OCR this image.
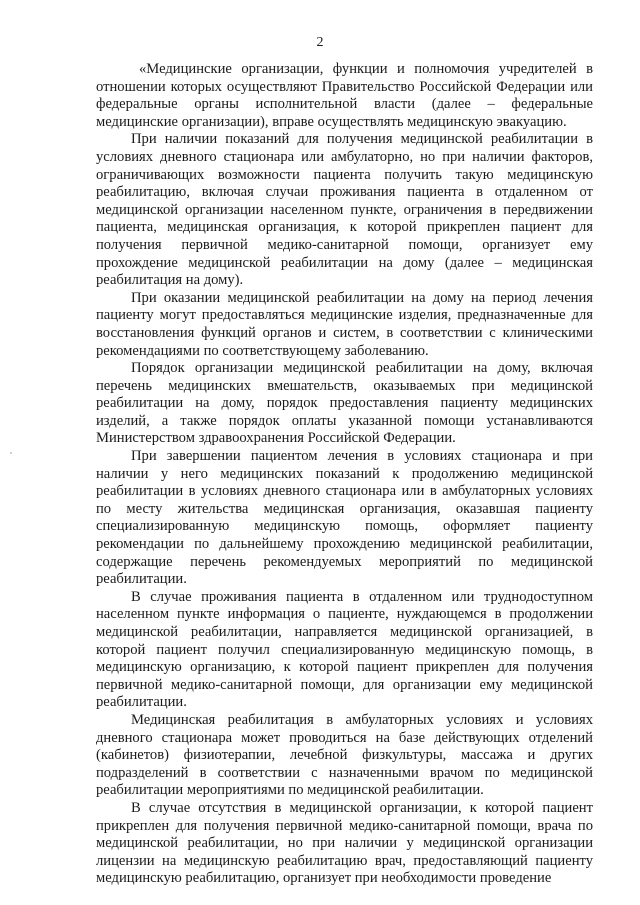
2

«Медицинские организации, функции и полномочия учредителей в отношении которых осуществляют Правительство Российской Федерации или федеральные органы исполнительной власти (далее – федеральные медицинские организации), вправе осуществлять медицинскую эвакуацию.

При наличии показаний для получения медицинской реабилитации в условиях дневного стационара или амбулаторно, но при наличии факторов, ограничивающих возможности пациента получить такую медицинскую реабилитацию, включая случаи проживания пациента в отдаленном от медицинской организации населенном пункте, ограничения в передвижении пациента, медицинская организация, к которой прикреплен пациент для получения первичной медико-санитарной помощи, организует ему прохождение медицинской реабилитации на дому (далее – медицинская реабилитация на дому).

При оказании медицинской реабилитации на дому на период лечения пациенту могут предоставляться медицинские изделия, предназначенные для восстановления функций органов и систем, в соответствии с клиническими рекомендациями по соответствующему заболеванию.

Порядок организации медицинской реабилитации на дому, включая перечень медицинских вмешательств, оказываемых при медицинской реабилитации на дому, порядок предоставления пациенту медицинских изделий, а также порядок оплаты указанной помощи устанавливаются Министерством здравоохранения Российской Федерации.

При завершении пациентом лечения в условиях стационара и при наличии у него медицинских показаний к продолжению медицинской реабилитации в условиях дневного стационара или в амбулаторных условиях по месту жительства медицинская организация, оказавшая пациенту специализированную медицинскую помощь, оформляет пациенту рекомендации по дальнейшему прохождению медицинской реабилитации, содержащие перечень рекомендуемых мероприятий по медицинской реабилитации.

В случае проживания пациента в отдаленном или труднодоступном населенном пункте информация о пациенте, нуждающемся в продолжении медицинской реабилитации, направляется медицинской организацией, в которой пациент получил специализированную медицинскую помощь, в медицинскую организацию, к которой пациент прикреплен для получения первичной медико-санитарной помощи, для организации ему медицинской реабилитации.

Медицинская реабилитация в амбулаторных условиях и условиях дневного стационара может проводиться на базе действующих отделений (кабинетов) физиотерапии, лечебной физкультуры, массажа и других подразделений в соответствии с назначенными врачом по медицинской реабилитации мероприятиями по медицинской реабилитации.

В случае отсутствия в медицинской организации, к которой пациент прикреплен для получения первичной медико-санитарной помощи, врача по медицинской реабилитации, но при наличии у медицинской организации лицензии на медицинскую реабилитацию врач, предоставляющий пациенту медицинскую реабилитацию, организует при необходимости проведение
